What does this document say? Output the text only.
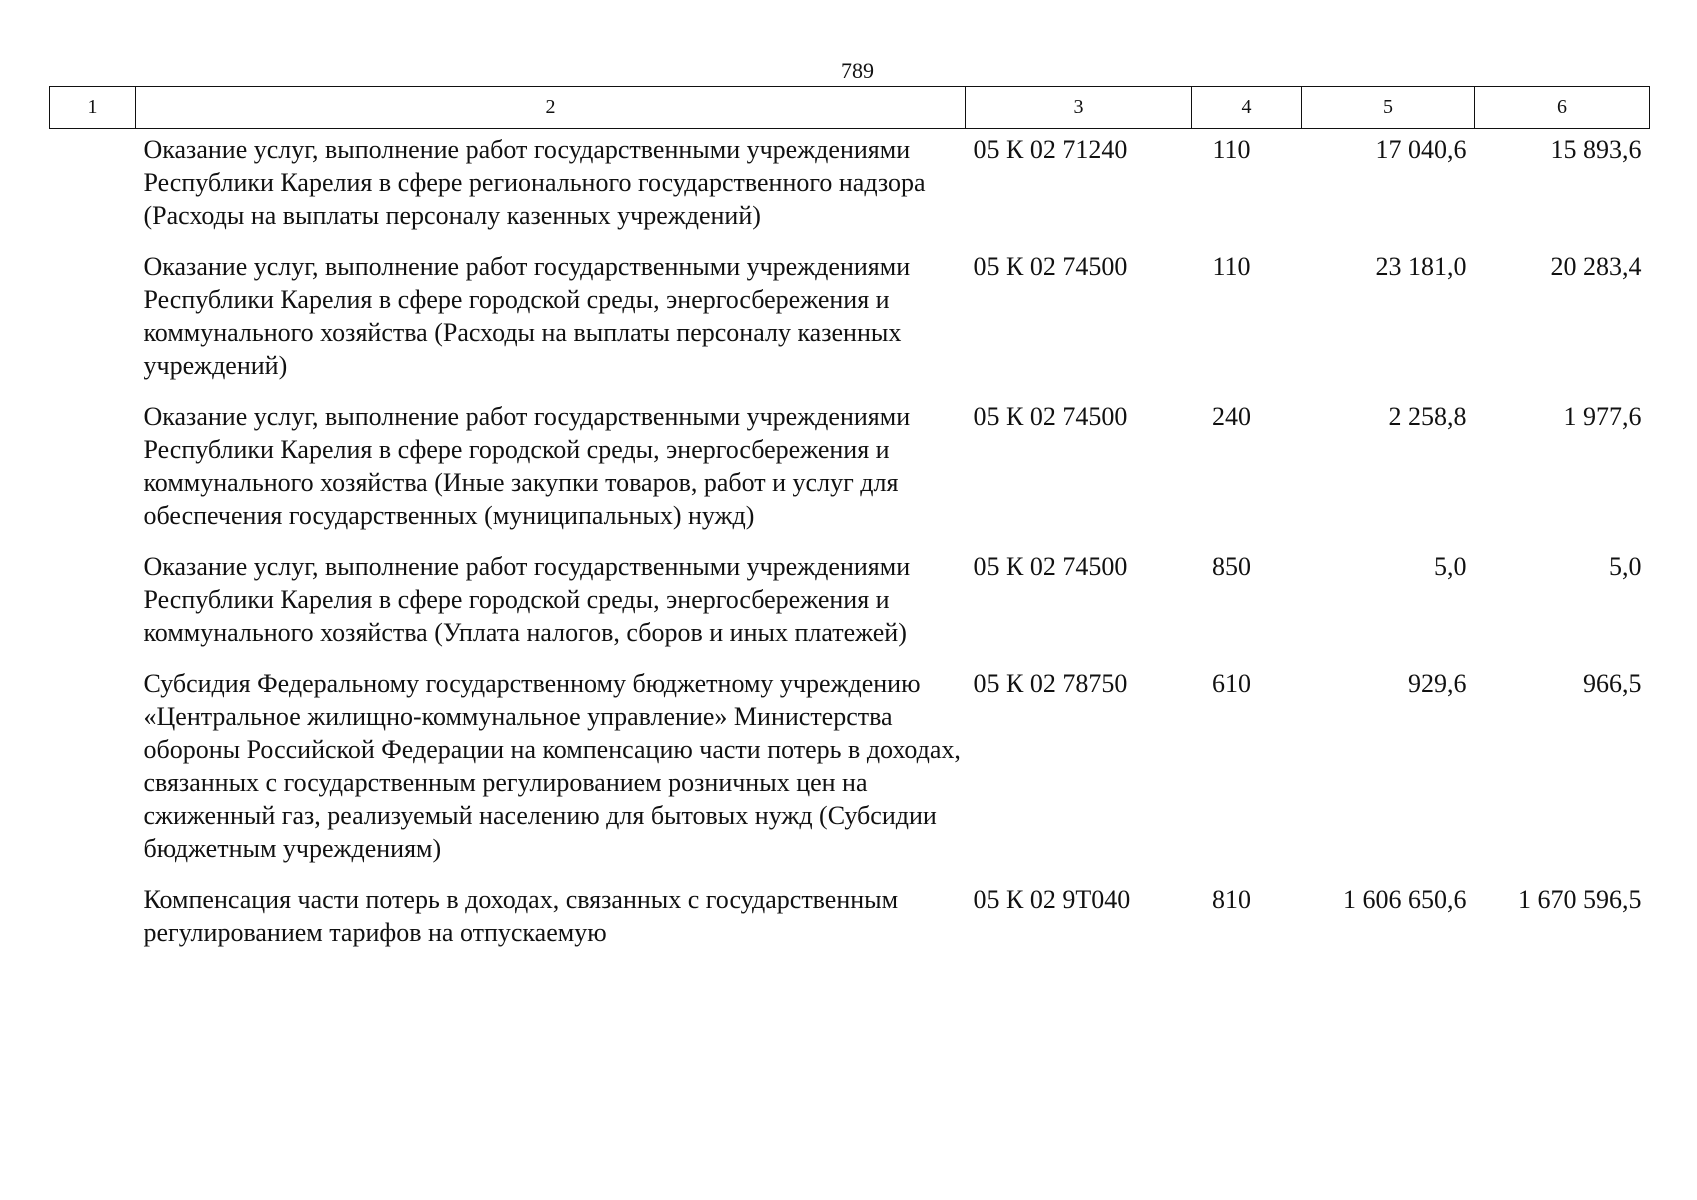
789
1	2	3	4	5	6
	Оказание услуг, выполнение работ государственными учреждениями Республики Карелия в сфере регионального государственного надзора (Расходы на выплаты персоналу казенных учреждений)	05 К 02 71240	110	17 040,6	15 893,6
	Оказание услуг, выполнение работ государственными учреждениями Республики Карелия в сфере городской среды, энергосбережения и коммунального хозяйства (Расходы на выплаты персоналу казенных учреждений)	05 К 02 74500	110	23 181,0	20 283,4
	Оказание услуг, выполнение работ государственными учреждениями Республики Карелия в сфере городской среды, энергосбережения и коммунального хозяйства (Иные закупки товаров, работ и услуг для обеспечения государственных (муниципальных) нужд)	05 К 02 74500	240	2 258,8	1 977,6
	Оказание услуг, выполнение работ государственными учреждениями Республики Карелия в сфере городской среды, энергосбережения и коммунального хозяйства (Уплата налогов, сборов и иных платежей)	05 К 02 74500	850	5,0	5,0
	Субсидия Федеральному государственному бюджетному учреждению «Центральное жилищно-коммунальное управление» Министерства обороны Российской Федерации на компенсацию части потерь в доходах, связанных с государственным регулированием розничных цен на сжиженный газ, реализуемый населению для бытовых нужд (Субсидии бюджетным учреждениям)	05 К 02 78750	610	929,6	966,5
	Компенсация части потерь в доходах, связанных с государственным регулированием тарифов на отпускаемую	05 К 02 9Т040	810	1 606 650,6	1 670 596,5
